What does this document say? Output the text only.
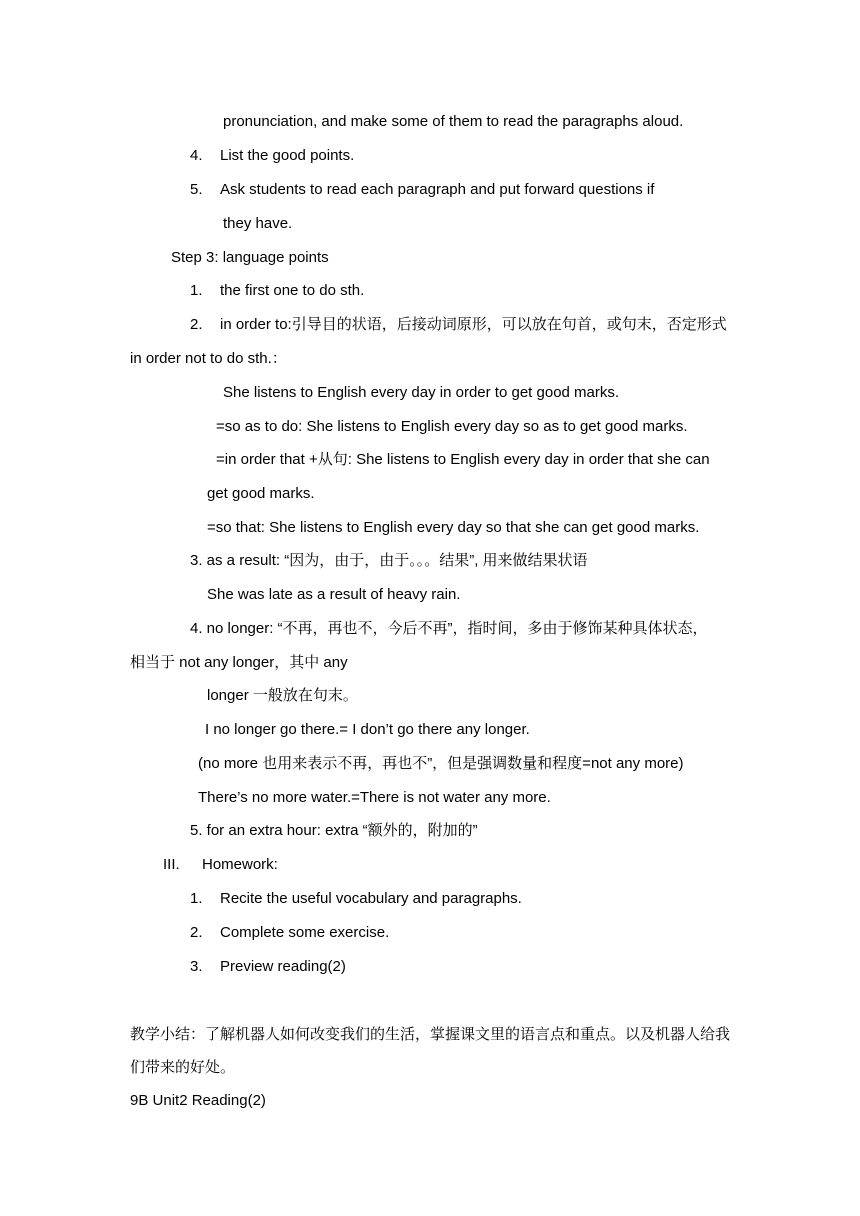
pronunciation, and make some of them to read the paragraphs aloud.
4. List the good points.
5. Ask students to read each paragraph and put forward questions if
they have.
Step 3: language points
1. the first one to do sth.
2. in order to:引导目的状语，后接动词原形，可以放在句首，或句末，否定形式
in order not to do sth.：
She listens to English every day in order to get good marks.
=so as to do: She listens to English every day so as to get good marks.
=in order that +从句: She listens to English every day in order that she can
get good marks.
=so that: She listens to English every day so that she can get good marks.
3. as a result: “因为，由于，由于。。。结果”, 用来做结果状语
She was late as a result of heavy rain.
4. no longer: “不再，再也不，今后不再”，指时间，多由于修饰某种具体状态，
相当于 not any longer，其中 any
longer 一般放在句末。
I no longer go there.= I don’t go there any longer.
(no more 也用来表示不再，再也不”，但是强调数量和程度=not any more)
There’s no more water.=There is not water any more.
5. for an extra hour: extra “额外的，附加的”
III. Homework:
1. Recite the useful vocabulary and paragraphs.
2. Complete some exercise.
3. Preview reading(2)
教学小结：了解机器人如何改变我们的生活，掌握课文里的语言点和重点。以及机器人给我
们带来的好处。
9B Unit2 Reading(2)
